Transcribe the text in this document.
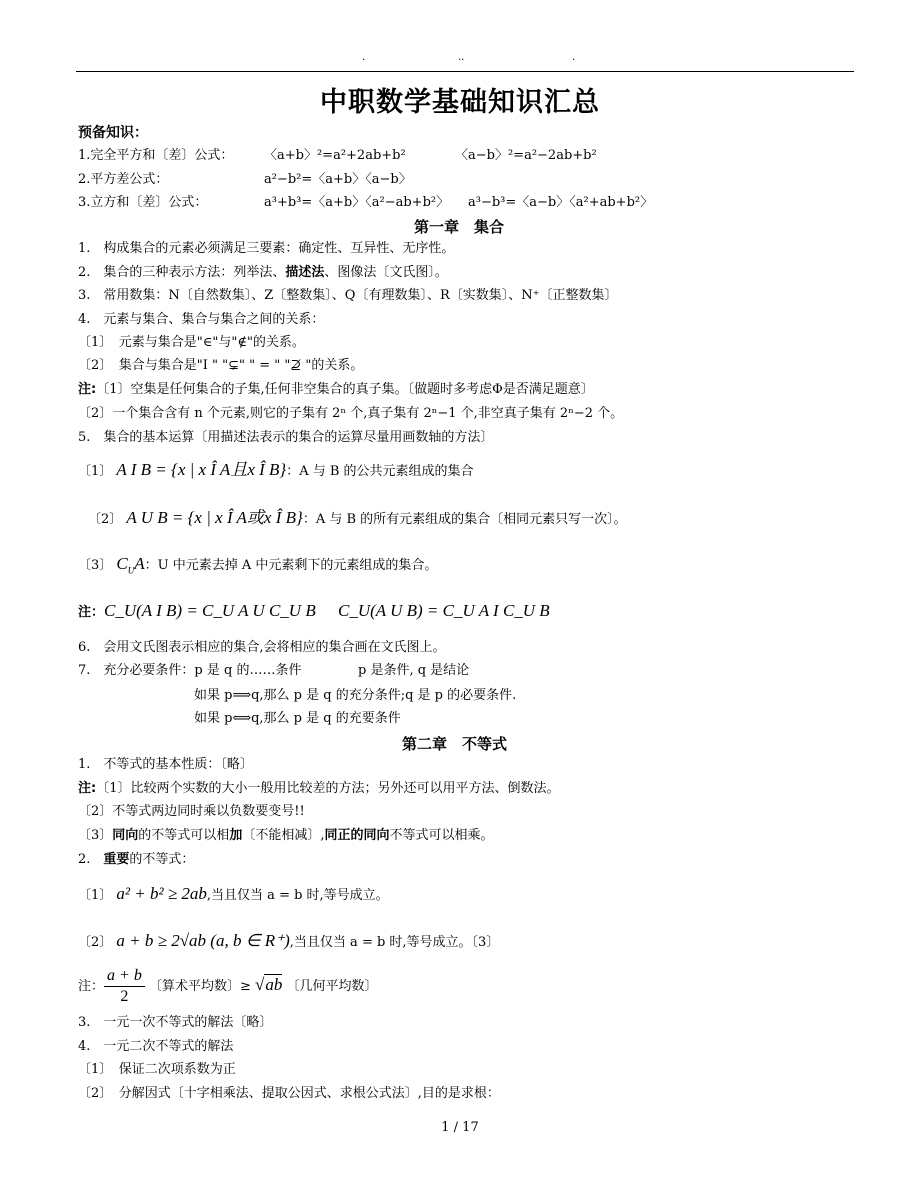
.	..	.
中职数学基础知识汇总
预备知识：
1.完全平方和〔差〕公式： 〈a+b〉²=a²+2ab+b²	〈a−b〉²=a²−2ab+b²
2.平方差公式：	a²−b²=〈a+b〉〈a−b〉
3.立方和〔差〕公式：	a³+b³=〈a+b〉〈a²−ab+b²〉 a³−b³=〈a−b〉〈a²+ab+b²〉
第一章　集合
1.　构成集合的元素必须满足三要素：确定性、互异性、无序性。
2.　集合的三种表示方法：列举法、描述法、图像法〔文氏图〕。
3.　常用数集：N〔自然数集〕、Z〔整数集〕、Q〔有理数集〕、R〔实数集〕、N⁺〔正整数集〕
4.　元素与集合、集合与集合之间的关系：
〔1〕　元素与集合是"∈"与"∉"的关系。
〔2〕　集合与集合是"I " "⊊" " = " "⊉ "的关系。
注:〔1〕空集是任何集合的子集,任何非空集合的真子集。〔做题时多考虑Φ是否满足题意〕
〔2〕一个集合含有 n 个元素,则它的子集有 2ⁿ 个,真子集有 2ⁿ−1 个,非空真子集有 2ⁿ−2 个。
5.　集合的基本运算〔用描述法表示的集合的运算尽量用画数轴的方法〕
〔1〕 A I B = {x | x Î A且x Î B}：A 与 B 的公共元素组成的集合
〔2〕 A U B = {x | x Î A或x Î B}：A 与 B 的所有元素组成的集合〔相同元素只写一次〕。
〔3〕 $C_UA$：U 中元素去掉 A 中元素剩下的元素组成的集合。
注：C_U(A I B) = C_U A U C_U B C_U(A U B) = C_U A I C_U B
6.　会用文氏图表示相应的集合,会将相应的集合画在文氏图上。
7.　充分必要条件：p 是 q 的……条件	p 是条件, q 是结论
如果 p⟹q,那么 p 是 q 的充分条件;q 是 p 的必要条件.
如果 p⟺q,那么 p 是 q 的充要条件
第二章　不等式
1.　不等式的基本性质：〔略〕
注:〔1〕比较两个实数的大小一般用比较差的方法；另外还可以用平方法、倒数法。
〔2〕不等式两边同时乘以负数要变号!!
〔3〕同向的不等式可以相加〔不能相减〕,同正的同向不等式可以相乘。
2.　重要的不等式：
〔1〕 a² + b² ≥ 2ab,当且仅当 a = b 时,等号成立。
〔2〕 a + b ≥ 2√ab (a, b ∈ R⁺),当且仅当 a = b 时,等号成立。〔3〕
注： $\frac{a + b}{2}$ 〔算术平均数〕≥ √ab 〔几何平均数〕
3.　一元一次不等式的解法〔略〕
4.　一元二次不等式的解法
〔1〕　保证二次项系数为正
〔2〕　分解因式〔十字相乘法、提取公因式、求根公式法〕,目的是求根：
1 / 17
